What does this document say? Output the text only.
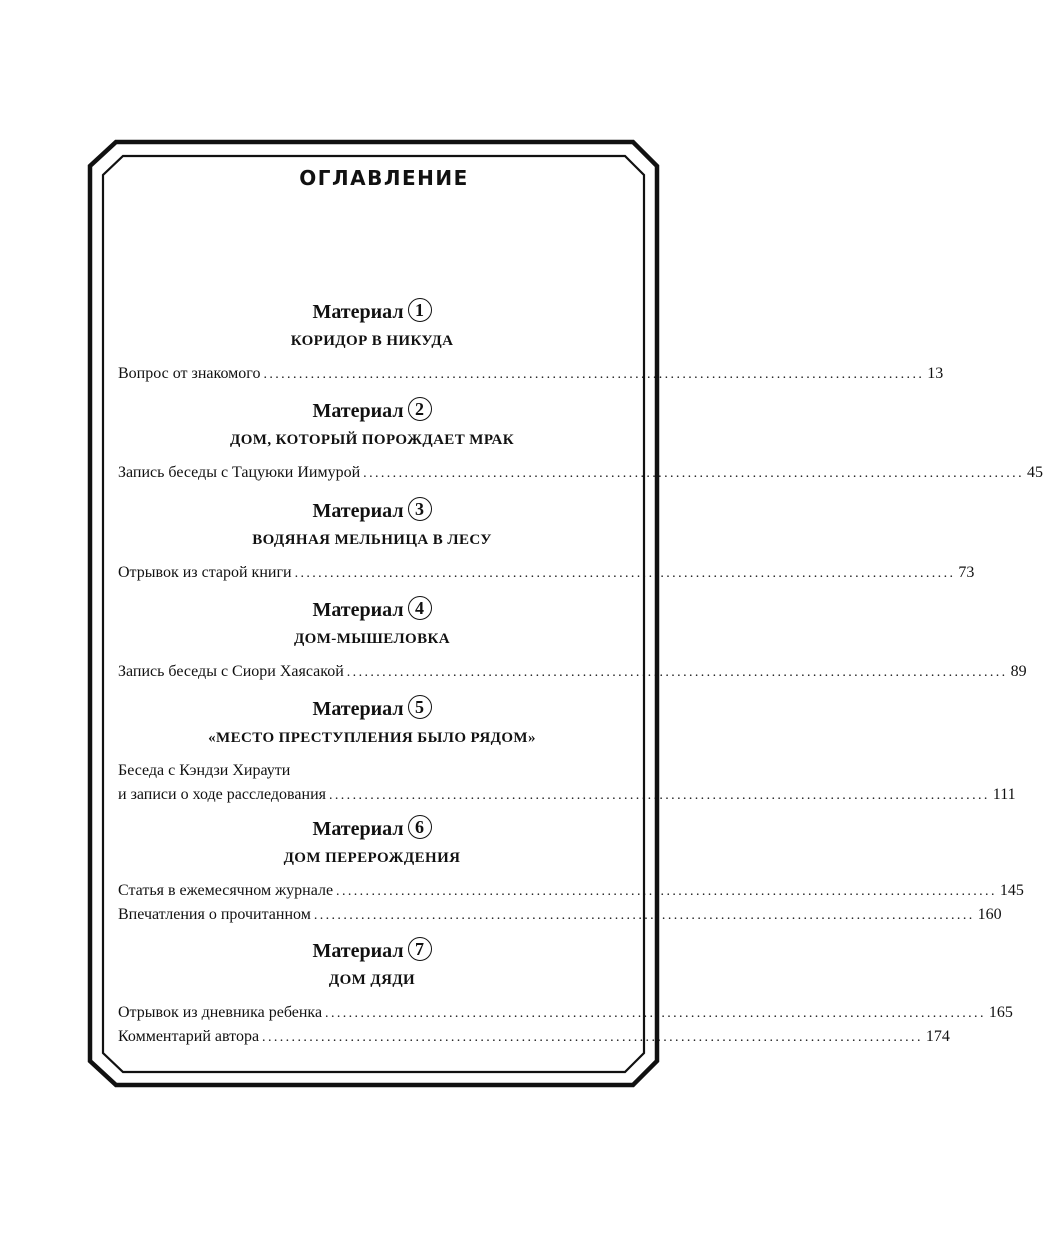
ОГЛАВЛЕНИЕ
Материал 1
КОРИДОР В НИКУДА
Вопрос от знакомого ................................................................................................................ 13
Материал 2
ДОМ, КОТОРЫЙ ПОРОЖДАЕТ МРАК
Запись беседы с Тацуюки Иимурой ................................................................................................................ 45
Материал 3
ВОДЯНАЯ МЕЛЬНИЦА В ЛЕСУ
Отрывок из старой книги ................................................................................................................ 73
Материал 4
ДОМ-МЫШЕЛОВКА
Запись беседы с Сиори Хаясакой ................................................................................................................ 89
Материал 5
«МЕСТО ПРЕСТУПЛЕНИЯ БЫЛО РЯДОМ»
Беседа с Кэндзи Хираути
и записи о ходе расследования ................................................................................................................ 111
Материал 6
ДОМ ПЕРЕРОЖДЕНИЯ
Статья в ежемесячном журнале ................................................................................................................ 145
Впечатления о прочитанном ................................................................................................................ 160
Материал 7
ДОМ ДЯДИ
Отрывок из дневника ребенка ................................................................................................................ 165
Комментарий автора ................................................................................................................ 174
